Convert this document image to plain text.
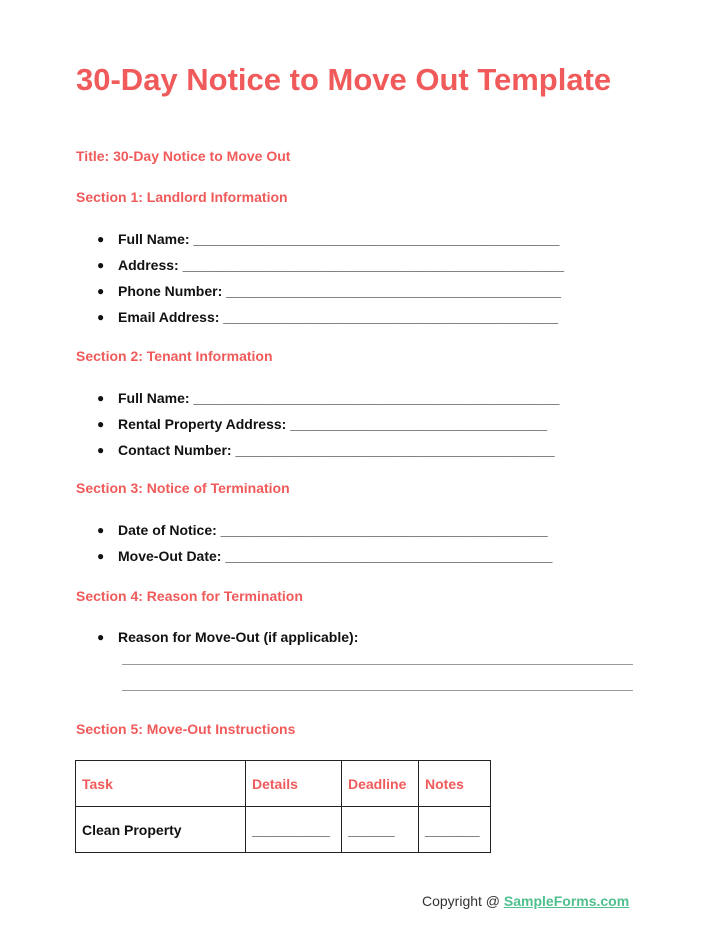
30-Day Notice to Move Out Template
Title: 30-Day Notice to Move Out
Section 1: Landlord Information
● Full Name: _______________________________________________
● Address: _________________________________________________
● Phone Number: ___________________________________________
● Email Address: ___________________________________________
Section 2: Tenant Information
● Full Name: _______________________________________________
● Rental Property Address: _________________________________
● Contact Number: _________________________________________
Section 3: Notice of Termination
● Date of Notice: __________________________________________
● Move-Out Date: __________________________________________
Section 4: Reason for Termination
● Reason for Move-Out (if applicable):
Section 5: Move-Out Instructions
Task	Details	Deadline	Notes
Clean Property	__________	______	_______
Copyright @ SampleForms.com
